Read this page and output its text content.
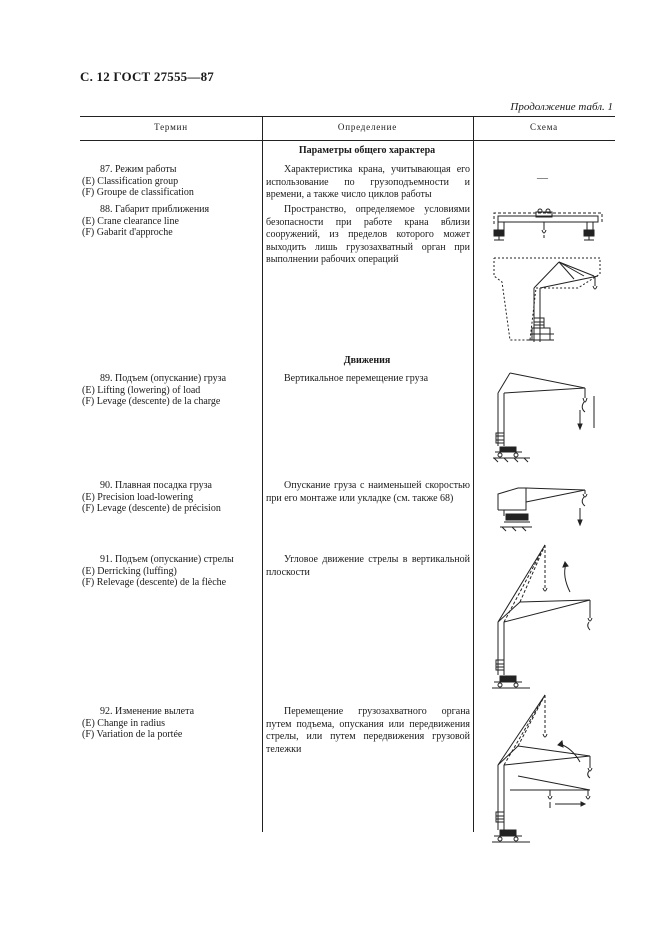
С. 12 ГОСТ 27555—87
Продолжение табл. 1
Термин	Определение	Схема
Параметры общего характера
Движения
87. Режим работы
(E) Classification group
(F) Groupe de classification
Характеристика крана, учитывающая его использование по грузоподъемности и времени, а также число циклов работы
—
88. Габарит приближения
(E) Crane clearance line
(F) Gabarit d'approche
Пространство, определяемое условиями безопасности при работе крана вблизи сооружений, из пределов которого может выходить лишь грузозахватный орган при выполнении рабочих операций
89. Подъем (опускание) груза
(E) Lifting (lowering) of load
(F) Levage (descente) de la charge
Вертикальное перемещение груза
90. Плавная посадка груза
(E) Precision load-lowering
(F) Levage (descente) de précision
Опускание груза с наименьшей скоростью при его монтаже или укладке (см. также 68)
91. Подъем (опускание) стрелы
(E) Derricking (luffing)
(F) Relevage (descente) de la flèche
Угловое движение стрелы в вертикальной плоскости
92. Изменение вылета
(E) Change in radius
(F) Variation de la portée
Перемещение грузозахватного органа путем подъема, опускания или передвижения стрелы, или путем передвижения грузовой тележки
